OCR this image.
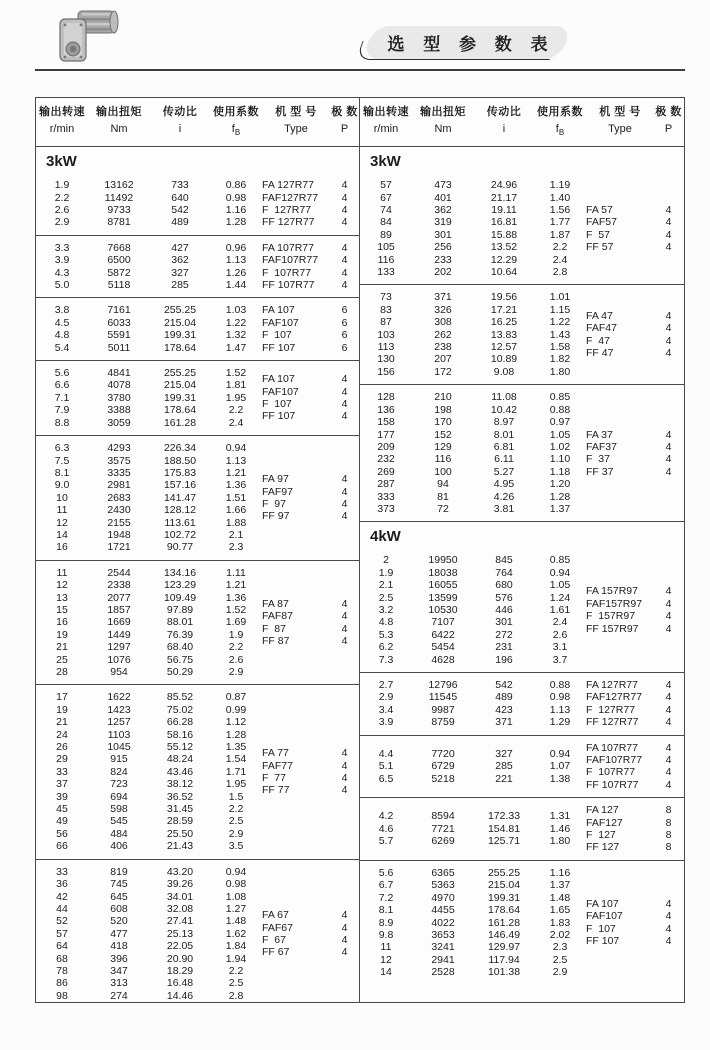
选 型 参 数 表
输出转速	输出扭矩	传动比	使用系数	机 型 号	极 数
r/min	Nm	i	$f_B$	Type	P
3kW
1.9	13162	733	0.86
2.2	11492	640	0.98
2.6	9733	542	1.16
2.9	8781	489	1.28
FA 127R77	4
FAF127R77	4
F  127R77	4
FF 127R77	4
3.3	7668	427	0.96
3.9	6500	362	1.13
4.3	5872	327	1.26
5.0	5118	285	1.44
FA 107R77	4
FAF107R77	4
F  107R77	4
FF 107R77	4
3.8	7161	255.25	1.03
4.5	6033	215.04	1.22
4.8	5591	199.31	1.32
5.4	5011	178.64	1.47
FA 107	6
FAF107	6
F  107	6
FF 107	6
5.6	4841	255.25	1.52
6.6	4078	215.04	1.81
7.1	3780	199.31	1.95
7.9	3388	178.64	2.2
8.8	3059	161.28	2.4
FA 107	4
FAF107	4
F  107	4
FF 107	4
6.3	4293	226.34	0.94
7.5	3575	188.50	1.13
8.1	3335	175.83	1.21
9.0	2981	157.16	1.36
10	2683	141.47	1.51
11	2430	128.12	1.66
12	2155	113.61	1.88
14	1948	102.72	2.1
16	1721	90.77	2.3
FA 97	4
FAF97	4
F  97	4
FF 97	4
11	2544	134.16	1.11
12	2338	123.29	1.21
13	2077	109.49	1.36
15	1857	97.89	1.52
16	1669	88.01	1.69
19	1449	76.39	1.9
21	1297	68.40	2.2
25	1076	56.75	2.6
28	954	50.29	2.9
FA 87	4
FAF87	4
F  87	4
FF 87	4
17	1622	85.52	0.87
19	1423	75.02	0.99
21	1257	66.28	1.12
24	1103	58.16	1.28
26	1045	55.12	1.35
29	915	48.24	1.54
33	824	43.46	1.71
37	723	38.12	1.95
39	694	36.52	1.5
45	598	31.45	2.2
49	545	28.59	2.5
56	484	25.50	2.9
66	406	21.43	3.5
FA 77	4
FAF77	4
F  77	4
FF 77	4
33	819	43.20	0.94
36	745	39.26	0.98
42	645	34.01	1.08
44	608	32.08	1.27
52	520	27.41	1.48
57	477	25.13	1.62
64	418	22.05	1.84
68	396	20.90	1.94
78	347	18.29	2.2
86	313	16.48	2.5
98	274	14.46	2.8
FA 67	4
FAF67	4
F  67	4
FF 67	4
输出转速	输出扭矩	传动比	使用系数	机 型 号	极 数
r/min	Nm	i	$f_B$	Type	P
3kW
57	473	24.96	1.19
67	401	21.17	1.40
74	362	19.11	1.56
84	319	16.81	1.77
89	301	15.88	1.87
105	256	13.52	2.2
116	233	12.29	2.4
133	202	10.64	2.8
FA 57	4
FAF57	4
F  57	4
FF 57	4
73	371	19.56	1.01
83	326	17.21	1.15
87	308	16.25	1.22
103	262	13.83	1.43
113	238	12.57	1.58
130	207	10.89	1.82
156	172	9.08	1.80
FA 47	4
FAF47	4
F  47	4
FF 47	4
128	210	11.08	0.85
136	198	10.42	0.88
158	170	8.97	0.97
177	152	8.01	1.05
209	129	6.81	1.02
232	116	6.11	1.10
269	100	5.27	1.18
287	94	4.95	1.20
333	81	4.26	1.28
373	72	3.81	1.37
FA 37	4
FAF37	4
F  37	4
FF 37	4
4kW
2	19950	845	0.85
1.9	18038	764	0.94
2.1	16055	680	1.05
2.5	13599	576	1.24
3.2	10530	446	1.61
4.8	7107	301	2.4
5.3	6422	272	2.6
6.2	5454	231	3.1
7.3	4628	196	3.7
FA 157R97	4
FAF157R97	4
F  157R97	4
FF 157R97	4
2.7	12796	542	0.88
2.9	11545	489	0.98
3.4	9987	423	1.13
3.9	8759	371	1.29
FA 127R77	4
FAF127R77	4
F  127R77	4
FF 127R77	4
4.4	7720	327	0.94
5.1	6729	285	1.07
6.5	5218	221	1.38
FA 107R77	4
FAF107R77	4
F  107R77	4
FF 107R77	4
4.2	8594	172.33	1.31
4.6	7721	154.81	1.46
5.7	6269	125.71	1.80
FA 127	8
FAF127	8
F  127	8
FF 127	8
5.6	6365	255.25	1.16
6.7	5363	215.04	1.37
7.2	4970	199.31	1.48
8.1	4455	178.64	1.65
8.9	4022	161.28	1.83
9.8	3653	146.49	2.02
11	3241	129.97	2.3
12	2941	117.94	2.5
14	2528	101.38	2.9
FA 107	4
FAF107	4
F  107	4
FF 107	4
